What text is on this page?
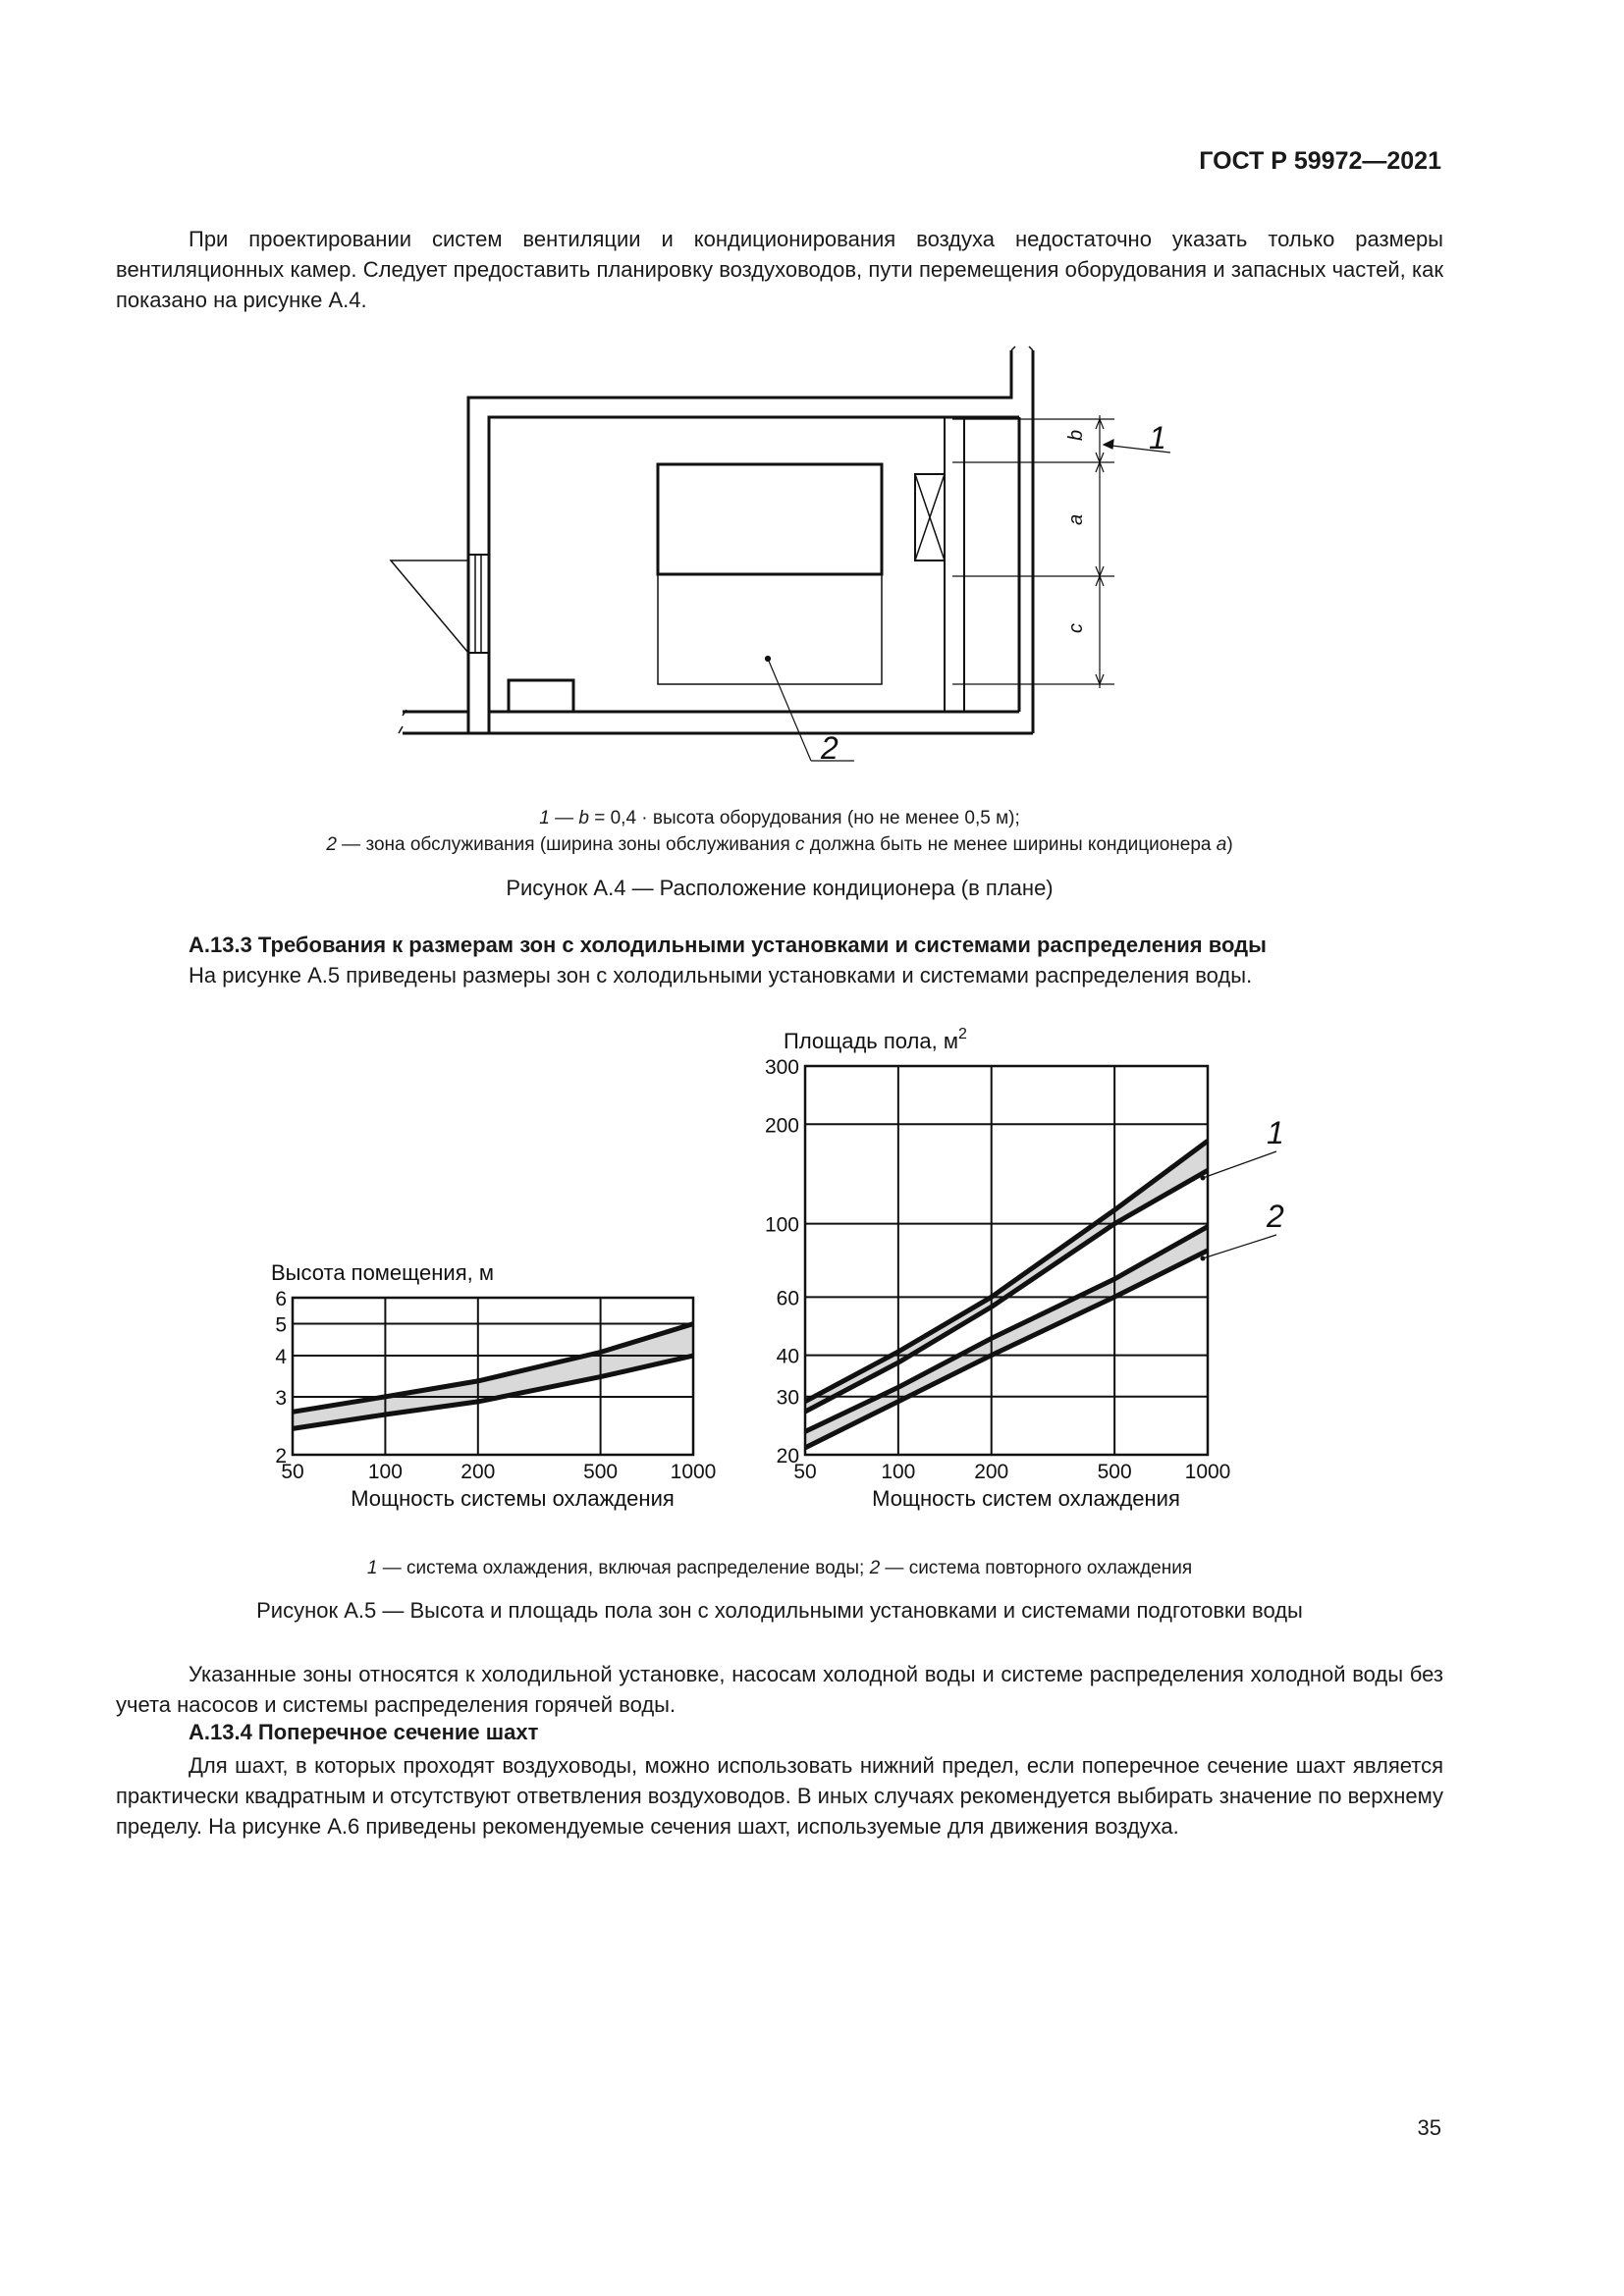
ГОСТ Р 59972—2021
При проектировании систем вентиляции и кондиционирования воздуха недостаточно указать только размеры вентиляционных камер. Следует предоставить планировку воздуховодов, пути перемещения оборудования и запасных частей, как показано на рисунке А.4.
b
a
c
1
2
1 — b = 0,4 · высота оборудования (но не менее 0,5 м);
2 — зона обслуживания (ширина зоны обслуживания c должна быть не менее ширины кондиционера a)
Рисунок А.4 — Расположение кондиционера (в плане)
А.13.3 Требования к размерам зон с холодильными установками и системами распределения воды
На рисунке А.5 приведены размеры зон с холодильными установками и системами распределения воды.
50	100	200	500	1000
2
3
4
5
6
Высота помещения, м
Мощность системы охлаждения
50	100	200	500	1000
20
30
40
60
100
200
300
Площадь пола, $м^2$
Мощность систем охлаждения
1
2
1 — система охлаждения, включая распределение воды; 2 — система повторного охлаждения
Рисунок А.5 — Высота и площадь пола зон с холодильными установками и системами подготовки воды
Указанные зоны относятся к холодильной установке, насосам холодной воды и системе распределения холодной воды без учета насосов и системы распределения горячей воды.
А.13.4 Поперечное сечение шахт
Для шахт, в которых проходят воздуховоды, можно использовать нижний предел, если поперечное сечение шахт является практически квадратным и отсутствуют ответвления воздуховодов. В иных случаях рекомендуется выбирать значение по верхнему пределу. На рисунке А.6 приведены рекомендуемые сечения шахт, используемые для движения воздуха.
35
